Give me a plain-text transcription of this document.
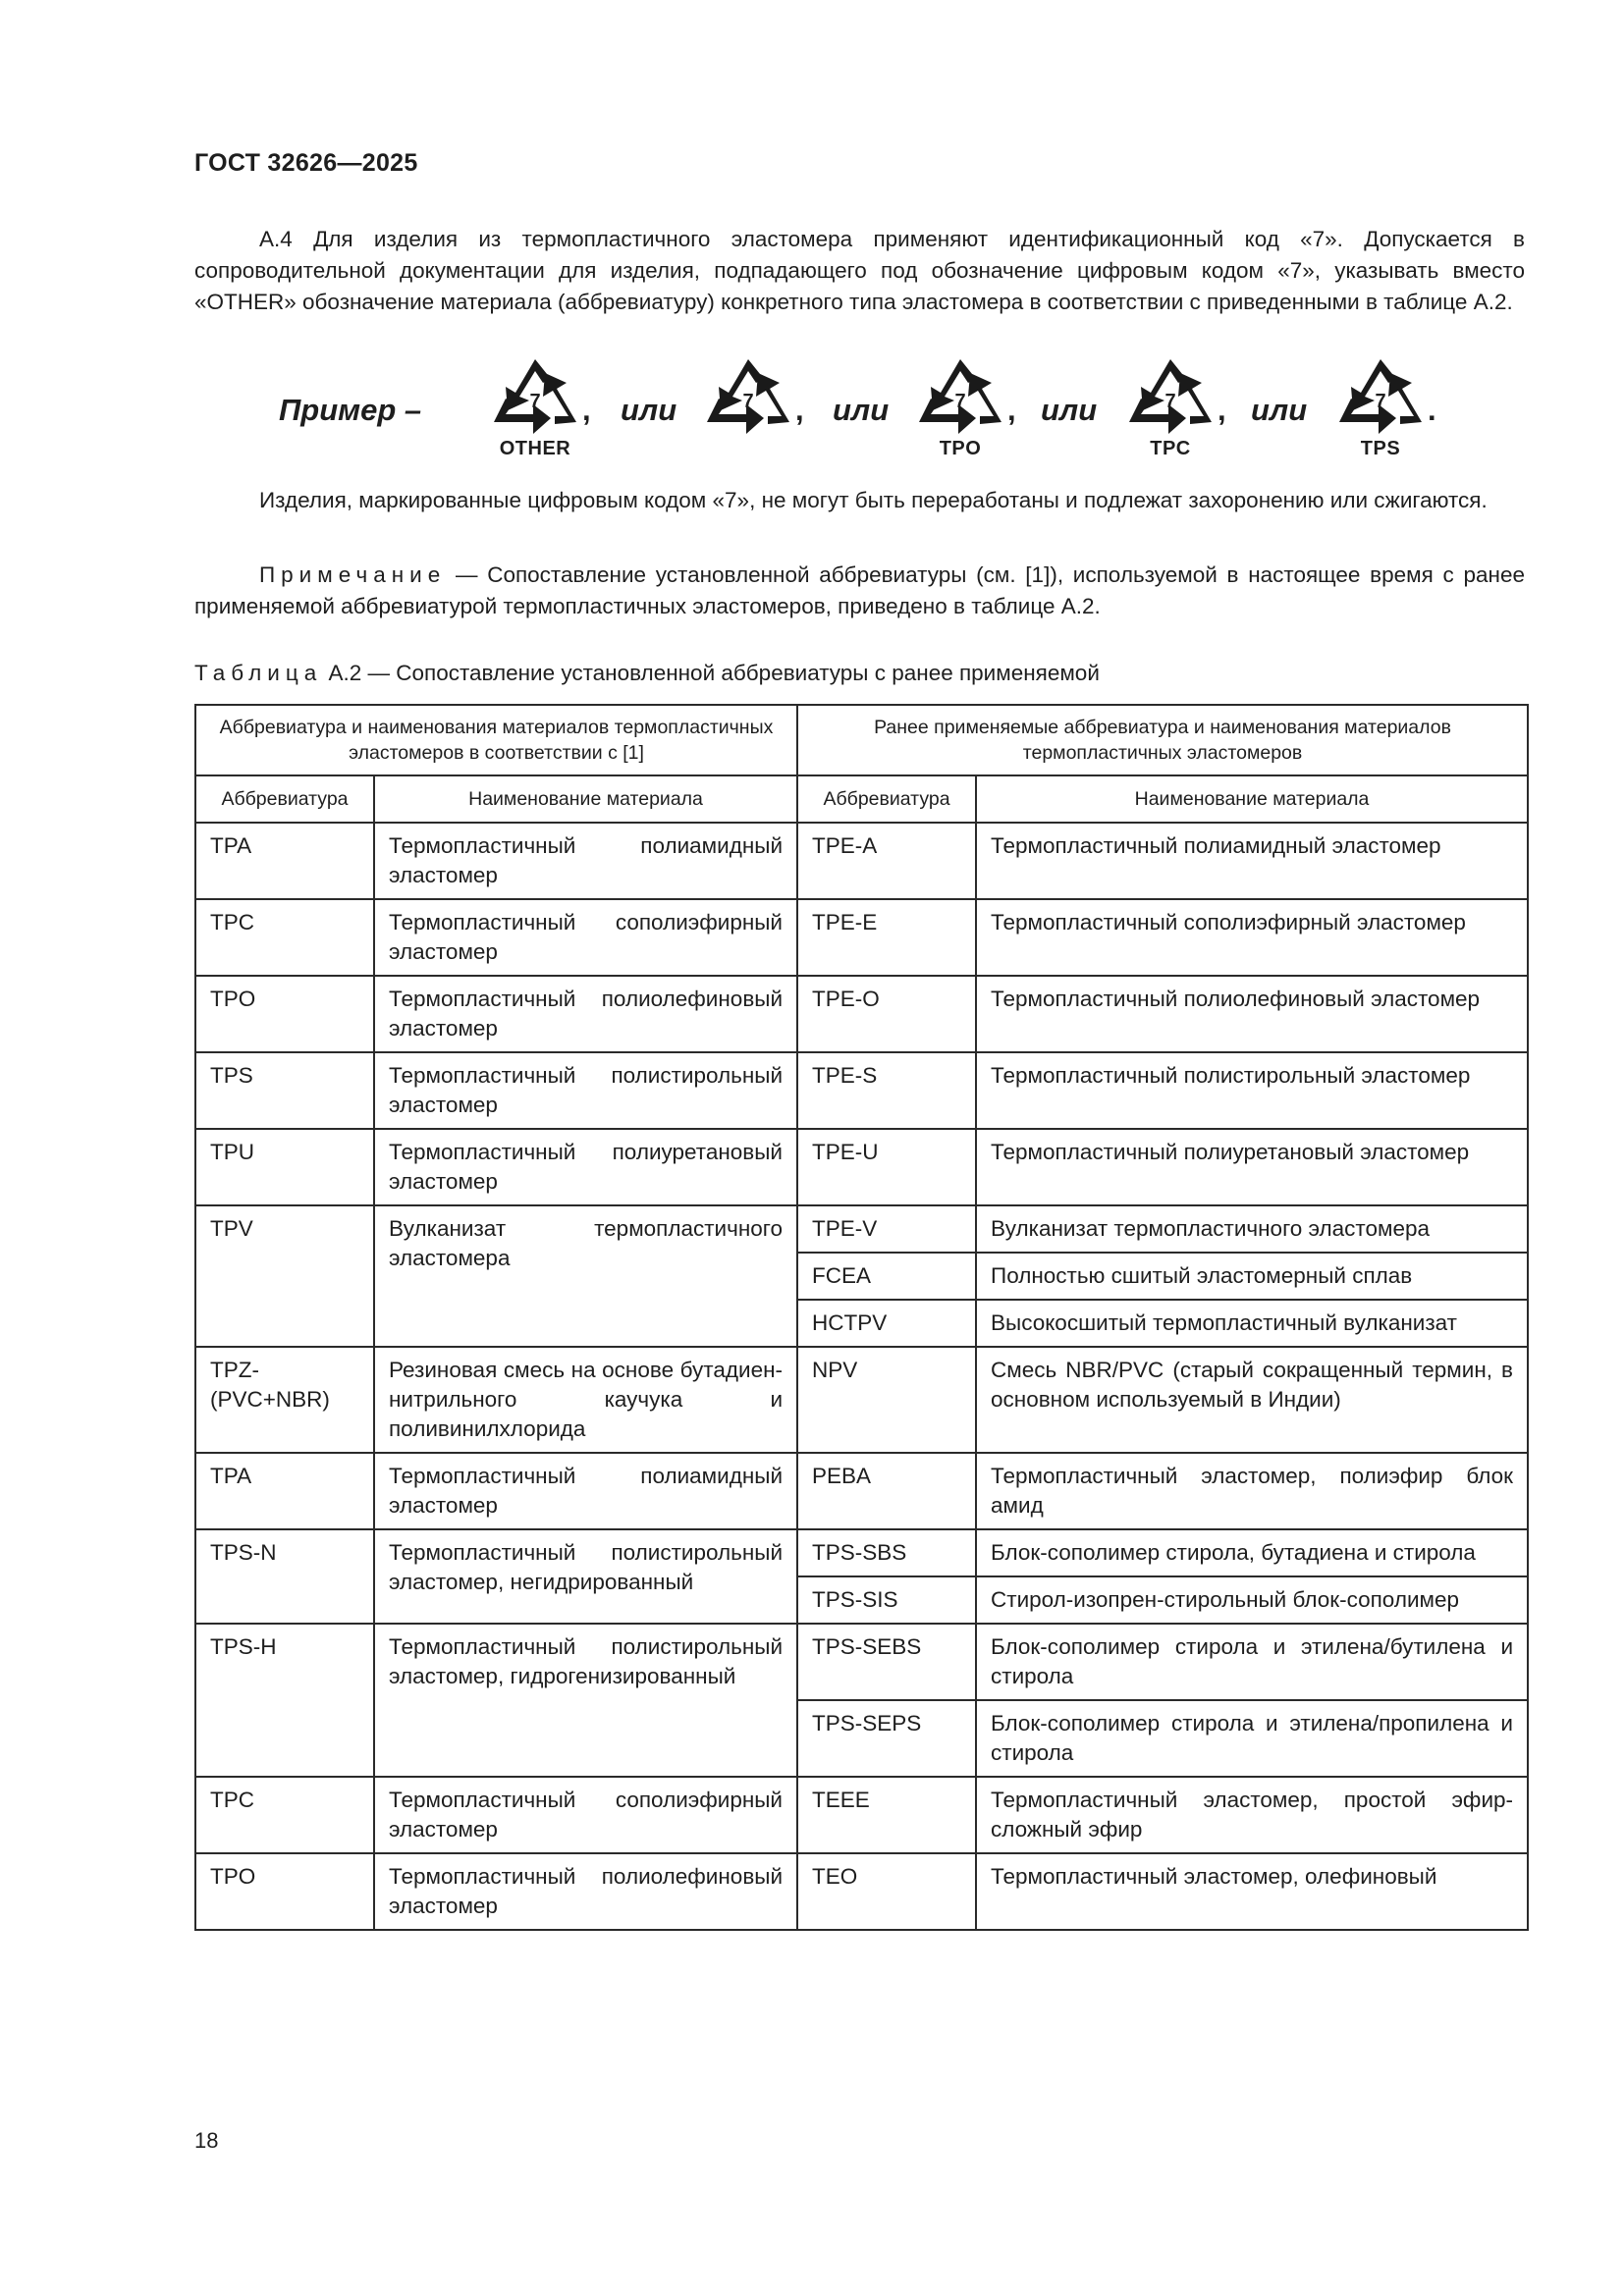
ГОСТ 32626—2025
А.4 Для изделия из термопластичного эластомера применяют идентификационный код «7». Допускается в сопроводительной документации для изделия, подпадающего под обозначение цифровым кодом «7», указывать вместо «OTHER» обозначение материала (аббревиатуру) конкретного типа эластомера в соответствии с приведенными в таблице А.2.
Пример –	7
OTHER
, или	7	, или	7
TPO
, или	7
TPC
, или	7
TPS
.
Изделия, маркированные цифровым кодом «7», не могут быть переработаны и подлежат захоронению или сжигаются.
Примечание — Сопоставление установленной аббревиатуры (см. [1]), используемой в настоящее время с ранее применяемой аббревиатурой термопластичных эластомеров, приведено в таблице А.2.
Таблица А.2 — Сопоставление установленной аббревиатуры с ранее применяемой
Аббревиатура и наименования материалов термопластичных эластомеров в соответствии с [1]		Ранее применяемые аббревиатура и наименования материалов термопластичных эластомеров	
Аббревиатура	Наименование материала	Аббревиатура	Наименование материала
TPA	Термопластичный полиамидный эластомер	TPE-A	Термопластичный полиамидный эластомер
TPC	Термопластичный сополиэфирный эластомер	TPE-E	Термопластичный сополиэфирный эластомер
TPO	Термопластичный полиолефиновый эластомер	TPE-O	Термопластичный полиолефиновый эластомер
TPS	Термопластичный полистирольный эластомер	TPE-S	Термопластичный полистирольный эластомер
TPU	Термопластичный полиуретановый эластомер	TPE-U	Термопластичный полиуретановый эластомер
TPV	Вулканизат термопластичного эластомера	TPE-V	Вулканизат термопластичного эластомера
		FCEA	Полностью сшитый эластомерный сплав
		HCTPV	Высокосшитый термопластичный вулканизат
TPZ-(PVC+NBR)	Резиновая смесь на основе бутадиен-нитрильного каучука и поливинилхлорида	NPV	Смесь NBR/PVC (старый сокращенный термин, в основном используемый в Индии)
TPA	Термопластичный полиамидный эластомер	PEBA	Термопластичный эластомер, полиэфир блок амид
TPS-N	Термопластичный полистирольный эластомер, негидрированный	TPS-SBS	Блок-сополимер стирола, бутадиена и стирола
		TPS-SIS	Стирол-изопрен-стирольный блок-сополимер
TPS-H	Термопластичный полистирольный эластомер, гидрогенизированный	TPS-SEBS	Блок-сополимер стирола и этилена/бутилена и стирола
		TPS-SEPS	Блок-сополимер стирола и этилена/пропилена и стирола
TPC	Термопластичный сополиэфирный эластомер	TEEE	Термопластичный эластомер, простой эфир-сложный эфир
TPO	Термопластичный полиолефиновый эластомер	TEO	Термопластичный эластомер, олефиновый
18
